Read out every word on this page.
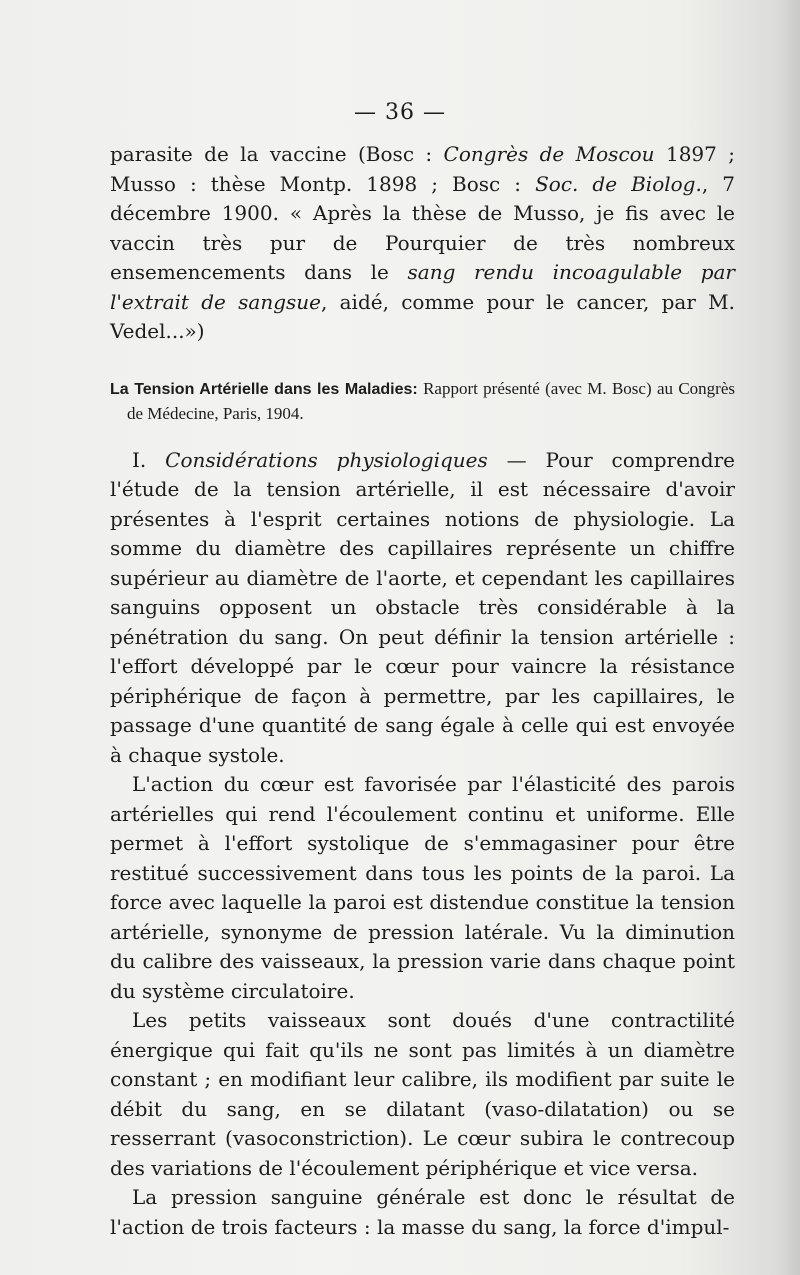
— 36 —

parasite de la vaccine (Bosc : Congrès de Moscou 1897 ; Musso : thèse Montp. 1898 ; Bosc : Soc. de Biolog., 7 décembre 1900. « Après la thèse de Musso, je fis avec le vaccin très pur de Pourquier de très nombreux ensemencements dans le sang rendu incoagulable par l'extrait de sangsue, aidé, comme pour le cancer, par M. Vedel...»)

La Tension Artérielle dans les Maladies: Rapport présenté (avec M. Bosc) au Congrès de Médecine, Paris, 1904.

I. Considérations physiologiques — Pour comprendre l'étude de la tension artérielle, il est nécessaire d'avoir présentes à l'esprit certaines notions de physiologie. La somme du diamètre des capillaires représente un chiffre supérieur au diamètre de l'aorte, et cependant les capillaires sanguins opposent un obstacle très considérable à la pénétration du sang. On peut définir la tension artérielle : l'effort développé par le cœur pour vaincre la résistance périphérique de façon à permettre, par les capillaires, le passage d'une quantité de sang égale à celle qui est envoyée à chaque systole.

L'action du cœur est favorisée par l'élasticité des parois artérielles qui rend l'écoulement continu et uniforme. Elle permet à l'effort systolique de s'emmagasiner pour être restitué successivement dans tous les points de la paroi. La force avec laquelle la paroi est distendue constitue la tension artérielle, synonyme de pression latérale. Vu la diminution du calibre des vaisseaux, la pression varie dans chaque point du système circulatoire.

Les petits vaisseaux sont doués d'une contractilité énergique qui fait qu'ils ne sont pas limités à un diamètre constant ; en modifiant leur calibre, ils modifient par suite le débit du sang, en se dilatant (vaso-dilatation) ou se resserrant (vasoconstriction). Le cœur subira le contrecoup des variations de l'écoulement périphérique et vice versa.

La pression sanguine générale est donc le résultat de l'action de trois facteurs : la masse du sang, la force d'impul-
